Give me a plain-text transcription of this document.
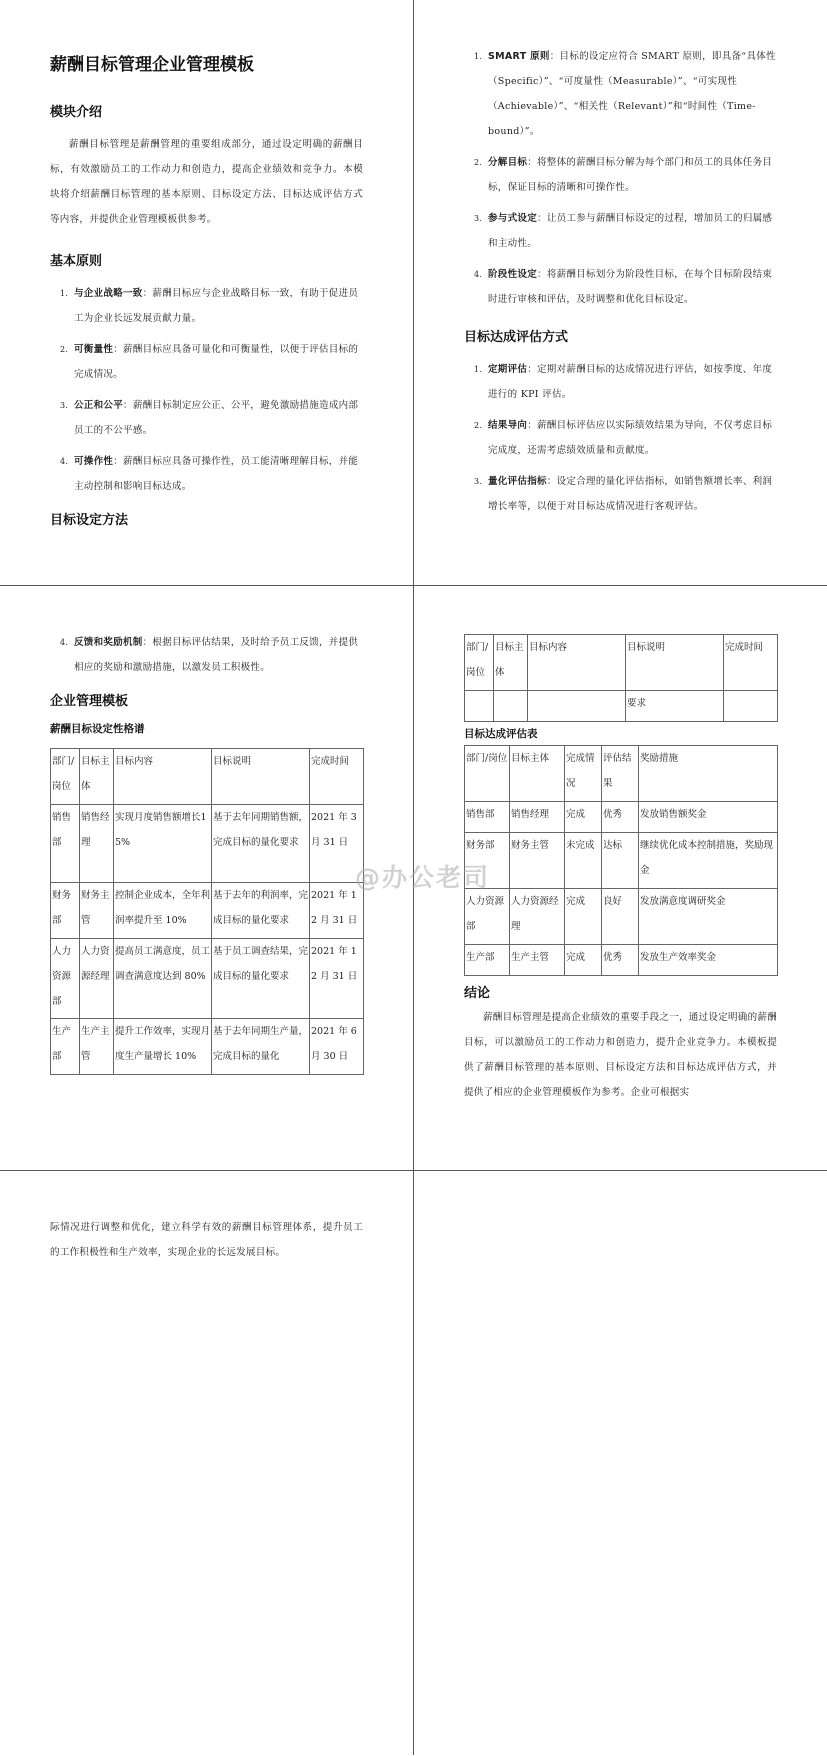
薪酬目标管理企业管理模板
模块介绍

薪酬目标管理是薪酬管理的重要组成部分，通过设定明确的薪酬目标，有效激励员工的工作动力和创造力，提高企业绩效和竞争力。本模块将介绍薪酬目标管理的基本原则、目标设定方法、目标达成评估方式等内容，并提供企业管理模板供参考。

基本原则
1. 与企业战略一致：薪酬目标应与企业战略目标一致，有助于促进员工为企业长远发展贡献力量。
2. 可衡量性：薪酬目标应具备可量化和可衡量性，以便于评估目标的完成情况。
3. 公正和公平：薪酬目标制定应公正、公平，避免激励措施造成内部员工的不公平感。
4. 可操作性：薪酬目标应具备可操作性，员工能清晰理解目标，并能主动控制和影响目标达成。
目标设定方法
1. SMART 原则：目标的设定应符合 SMART 原则，即具备“具体性（Specific）”、“可度量性（Measurable）”、“可实现性（Achievable）”、“相关性（Relevant）”和“时间性（Time-bound）”。
2. 分解目标：将整体的薪酬目标分解为每个部门和员工的具体任务目标，保证目标的清晰和可操作性。
3. 参与式设定：让员工参与薪酬目标设定的过程，增加员工的归属感和主动性。
4. 阶段性设定：将薪酬目标划分为阶段性目标，在每个目标阶段结束时进行审核和评估，及时调整和优化目标设定。
目标达成评估方式
1. 定期评估：定期对薪酬目标的达成情况进行评估，如按季度、年度进行的 KPI 评估。
2. 结果导向：薪酬目标评估应以实际绩效结果为导向，不仅考虑目标完成度，还需考虑绩效质量和贡献度。
3. 量化评估指标：设定合理的量化评估指标，如销售额增长率、利润增长率等，以便于对目标达成情况进行客观评估。
4. 反馈和奖励机制：根据目标评估结果，及时给予员工反馈，并提供相应的奖励和激励措施，以激发员工积极性。
企业管理模板
薪酬目标设定性格谱
部门/岗位	目标主体	目标内容	目标说明	完成时间
销售部	销售经理	实现月度销售额增长15%	基于去年同期销售额，完成目标的量化要求	2021 年 3 月 31 日
财务部	财务主管	控制企业成本，全年利润率提升至 10%	基于去年的利润率，完成目标的量化要求	2021 年 12 月 31 日
人力资源部	人力资源经理	提高员工满意度，员工调查满意度达到 80%	基于员工调查结果，完成目标的量化要求	2021 年 12 月 31 日
生产部	生产主管	提升工作效率，实现月度生产量增长 10%	基于去年同期生产量，完成目标的量化	2021 年 6 月 30 日
部门/岗位	目标主体	目标内容	目标说明	完成时间
			要求	
目标达成评估表
部门/岗位	目标主体	完成情况	评估结果	奖励措施
销售部	销售经理	完成	优秀	发放销售额奖金
财务部	财务主管	未完成	达标	继续优化成本控制措施，奖励现金
人力资源部	人力资源经理	完成	良好	发放满意度调研奖金
生产部	生产主管	完成	优秀	发放生产效率奖金
结论

薪酬目标管理是提高企业绩效的重要手段之一，通过设定明确的薪酬目标，可以激励员工的工作动力和创造力，提升企业竞争力。本模板提供了薪酬目标管理的基本原则、目标设定方法和目标达成评估方式，并提供了相应的企业管理模板作为参考。企业可根据实

际情况进行调整和优化，建立科学有效的薪酬目标管理体系，提升员工的工作积极性和生产效率，实现企业的长远发展目标。

@办公老司
